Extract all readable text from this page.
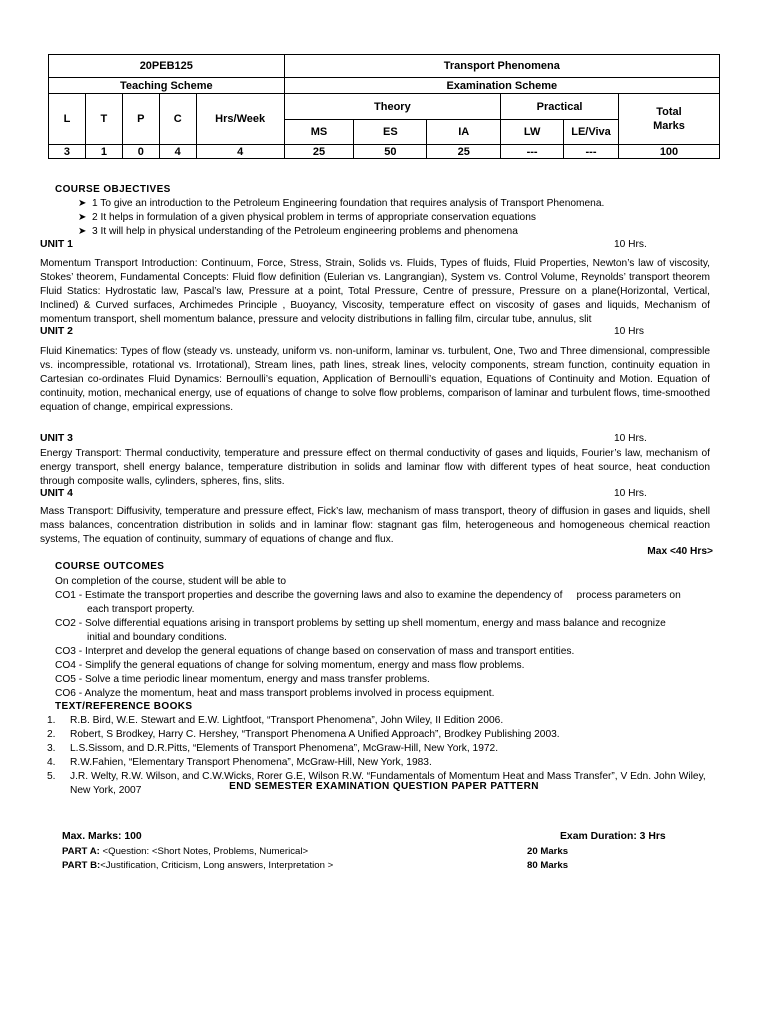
20PEB125					Transport Phenomena					
Teaching Scheme					Examination Scheme					
L	T	P	C	Hrs/Week	Theory			Practical		Total Marks
					MS	ES	IA	LW	LE/Viva	
3	1	0	4	4	25	50	25	---	---	100
COURSE OBJECTIVES
➤ 1 To give an introduction to the Petroleum Engineering foundation that requires analysis of Transport Phenomena.
➤ 2 It helps in formulation of a given physical problem in terms of appropriate conservation equations
➤ 3 It will help in physical understanding of the Petroleum engineering problems and phenomena
UNIT 1	10 Hrs.
Momentum Transport Introduction: Continuum, Force, Stress, Strain, Solids vs. Fluids, Types of fluids, Fluid Properties, Newton’s law of viscosity, Stokes’ theorem, Fundamental Concepts: Fluid flow definition (Eulerian vs. Langrangian), System vs. Control Volume, Reynolds’ transport theorem Fluid Statics: Hydrostatic law, Pascal’s law, Pressure at a point, Total Pressure, Centre of pressure, Pressure on a plane(Horizontal, Vertical, Inclined) & Curved surfaces, Archimedes Principle , Buoyancy, Viscosity, temperature effect on viscosity of gases and liquids, Mechanism of momentum transport, shell momentum balance, pressure and velocity distributions in falling film, circular tube, annulus, slit
UNIT 2	10 Hrs
Fluid Kinematics: Types of flow (steady vs. unsteady, uniform vs. non-uniform, laminar vs. turbulent, One, Two and Three dimensional, compressible vs. incompressible, rotational vs. Irrotational), Stream lines, path lines, streak lines, velocity components, stream function, continuity equation in Cartesian co-ordinates Fluid Dynamics: Bernoulli’s equation, Application of Bernoulli’s equation, Equations of Continuity and Motion. Equation of continuity, motion, mechanical energy, use of equations of change to solve flow problems, comparison of laminar and turbulent flows, time-smoothed equation of change, empirical expressions.
UNIT 3	10 Hrs.
Energy Transport: Thermal conductivity, temperature and pressure effect on thermal conductivity of gases and liquids, Fourier’s law, mechanism of energy transport, shell energy balance, temperature distribution in solids and laminar flow with different types of heat source, heat conduction through composite walls, cylinders, spheres, fins, slits.
UNIT 4	10 Hrs.
Mass Transport: Diffusivity, temperature and pressure effect, Fick’s law, mechanism of mass transport, theory of diffusion in gases and liquids, shell mass balances, concentration distribution in solids and in laminar flow: stagnant gas film, heterogeneous and homogeneous chemical reaction systems, The equation of continuity, summary of equations of change and flux.
Max <40 Hrs>
COURSE OUTCOMES
On completion of the course, student will be able to
CO1 - Estimate the transport properties and describe the governing laws and also to examine the dependency of     process parameters on
each transport property.
CO2 - Solve differential equations arising in transport problems by setting up shell momentum, energy and mass balance and recognize
initial and boundary conditions.
CO3 - Interpret and develop the general equations of change based on conservation of mass and transport entities.
CO4 - Simplify the general equations of change for solving momentum, energy and mass flow problems.
CO5 - Solve a time periodic linear momentum, energy and mass transfer problems.
CO6 - Analyze the momentum, heat and mass transport problems involved in process equipment.
TEXT/REFERENCE BOOKS
1. R.B. Bird, W.E. Stewart and E.W. Lightfoot, “Transport Phenomena”, John Wiley, II Edition 2006.
2. Robert, S Brodkey, Harry C. Hershey, “Transport Phenomena A Unified Approach”, Brodkey Publishing 2003.
3. L.S.Sissom, and D.R.Pitts, “Elements of Transport Phenomena”, McGraw-Hill, New York, 1972.
4. R.W.Fahien, “Elementary Transport Phenomena”, McGraw-Hill, New York, 1983.
5. J.R. Welty, R.W. Wilson, and C.W.Wicks, Rorer G.E, Wilson R.W. “Fundamentals of Momentum Heat and Mass Transfer”, V Edn. John Wiley, New York, 2007	END SEMESTER EXAMINATION QUESTION PAPER PATTERN
Max. Marks: 100	Exam Duration: 3 Hrs
PART A: <Question: <Short Notes, Problems, Numerical>	20 Marks
PART B:<Justification, Criticism, Long answers, Interpretation >	80 Marks
